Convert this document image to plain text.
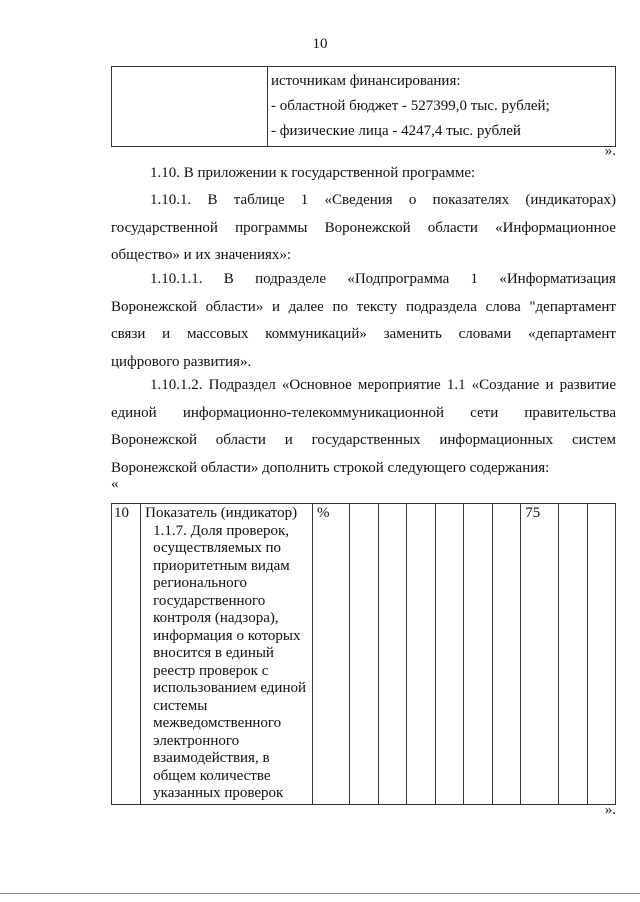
10

источникам финансирования:
- областной бюджет - 527399,0 тыс. рублей;
- физические лица - 4247,4 тыс. рублей
».
1.10. В приложении к государственной программе:
1.10.1. В таблице 1 «Сведения о показателях (индикаторах)
государственной программы Воронежской области «Информационное
общество» и их значениях»:
1.10.1.1. В подразделе «Подпрограмма 1 «Информатизация
Воронежской области» и далее по тексту подраздела слова "департамент
связи и массовых коммуникаций» заменить словами «департамент
цифрового развития».
1.10.1.2. Подраздел «Основное мероприятие 1.1 «Создание и развитие
единой информационно-телекоммуникационной сети правительства
Воронежской области и государственных информационных систем
Воронежской области» дополнить строкой следующего содержания:
«
10	Показатель (индикатор)
1.1.7. Доля проверок,
осуществляемых по
приоритетным видам
регионального
государственного
контроля (надзора),
информация о которых
вносится в единый
реестр проверок с
использованием единой
системы
межведомственного
электронного
взаимодействия, в
общем количестве
указанных проверок
	%							75		
».
